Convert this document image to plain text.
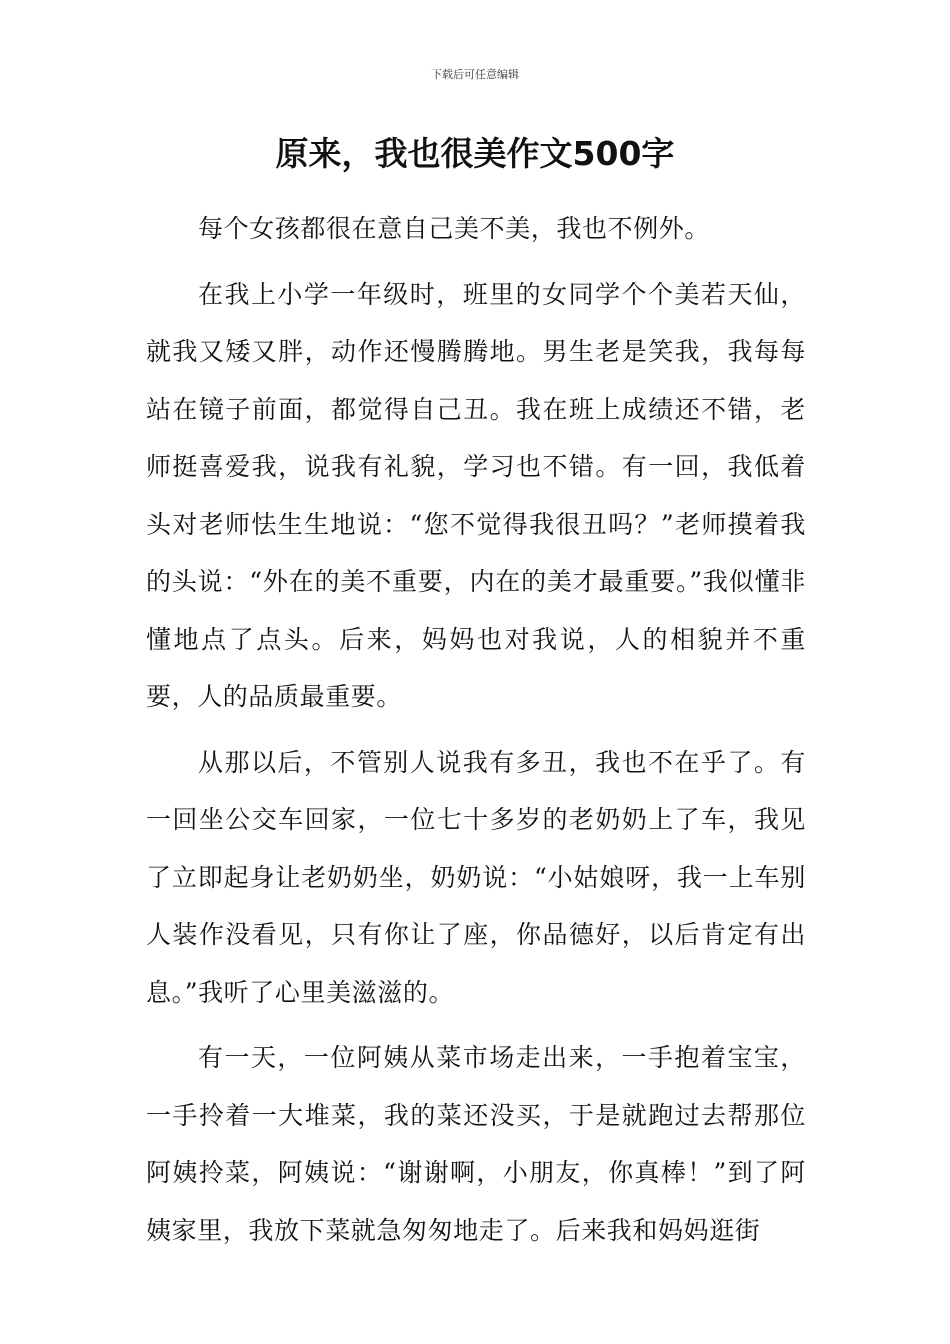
下载后可任意编辑
原来，我也很美作文500字

每个女孩都很在意自己美不美，我也不例外。

在我上小学一年级时，班里的女同学个个美若天仙，就我又矮又胖，动作还慢腾腾地。男生老是笑我，我每每站在镜子前面，都觉得自己丑。我在班上成绩还不错，老师挺喜爱我，说我有礼貌，学习也不错。有一回，我低着头对老师怯生生地说：“您不觉得我很丑吗？”老师摸着我的头说：“外在的美不重要，内在的美才最重要。”我似懂非懂地点了点头。后来，妈妈也对我说，人的相貌并不重要，人的品质最重要。

从那以后，不管别人说我有多丑，我也不在乎了。有一回坐公交车回家，一位七十多岁的老奶奶上了车，我见了立即起身让老奶奶坐，奶奶说：“小姑娘呀，我一上车别人装作没看见，只有你让了座，你品德好，以后肯定有出息。”我听了心里美滋滋的。

有一天，一位阿姨从菜市场走出来，一手抱着宝宝，一手拎着一大堆菜，我的菜还没买，于是就跑过去帮那位阿姨拎菜，阿姨说：“谢谢啊，小朋友，你真棒！”到了阿姨家里，我放下菜就急匆匆地走了。后来我和妈妈逛街
